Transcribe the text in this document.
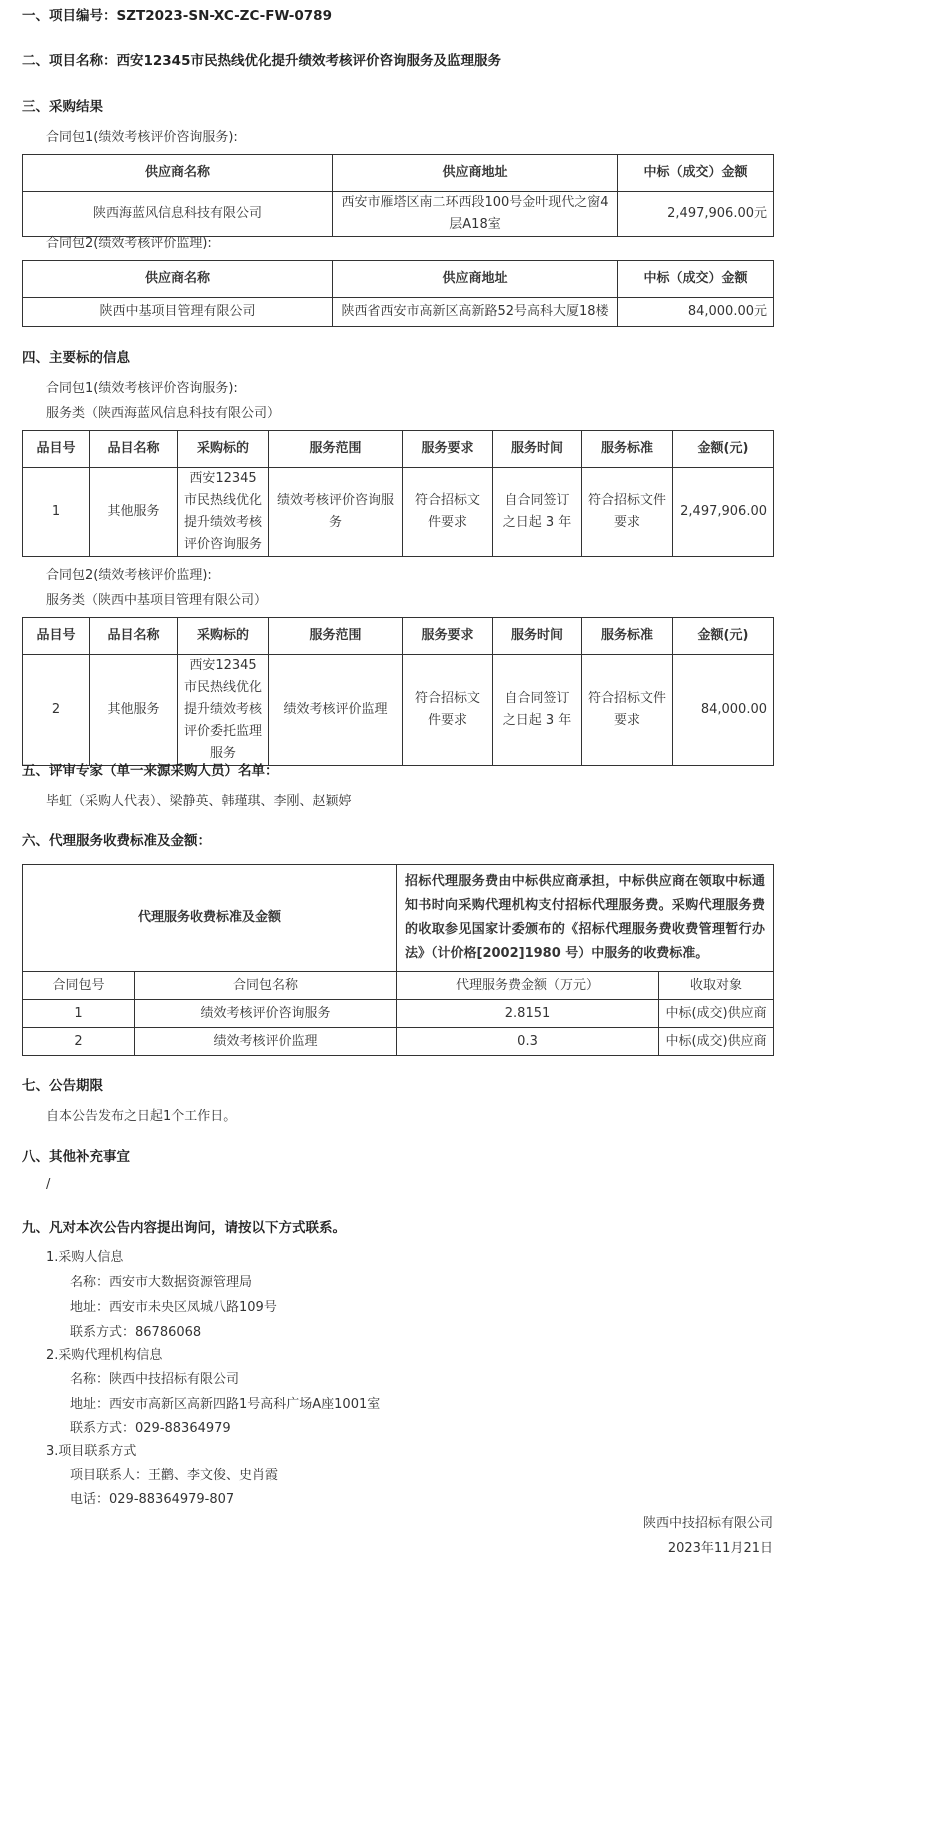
一、项目编号：SZT2023-SN-XC-ZC-FW-0789
二、项目名称：西安12345市民热线优化提升绩效考核评价咨询服务及监理服务
三、采购结果
合同包1(绩效考核评价咨询服务):
供应商名称	供应商地址	中标（成交）金额
陕西海蓝风信息科技有限公司	西安市雁塔区南二环西段100号金叶现代之窗4层A18室	2,497,906.00元
合同包2(绩效考核评价监理):
供应商名称	供应商地址	中标（成交）金额
陕西中基项目管理有限公司	陕西省西安市高新区高新路52号高科大厦18楼	84,000.00元
四、主要标的信息
合同包1(绩效考核评价咨询服务):
服务类（陕西海蓝风信息科技有限公司）
品目号	品目名称	采购标的	服务范围	服务要求	服务时间	服务标准	金额(元)
1	其他服务	西安12345市民热线优化提升绩效考核评价咨询服务	绩效考核评价咨询服务	符合招标文件要求	自合同签订之日起 3 年	符合招标文件要求	2,497,906.00
合同包2(绩效考核评价监理):
服务类（陕西中基项目管理有限公司）
品目号	品目名称	采购标的	服务范围	服务要求	服务时间	服务标准	金额(元)
2	其他服务	西安12345市民热线优化提升绩效考核评价委托监理服务	绩效考核评价监理	符合招标文件要求	自合同签订之日起 3 年	符合招标文件要求	84,000.00
五、评审专家（单一来源采购人员）名单：
毕虹（采购人代表）、梁静英、韩瑾琪、李刚、赵颖婷
六、代理服务收费标准及金额：
代理服务收费标准及金额		招标代理服务费由中标供应商承担，中标供应商在领取中标通知书时向采购代理机构支付招标代理服务费。采购代理服务费的收取参见国家计委颁布的《招标代理服务费收费管理暂行办法》（计价格[2002]1980 号）中服务的收费标准。	
合同包号	合同包名称	代理服务费金额（万元）	收取对象
1	绩效考核评价咨询服务	2.8151	中标(成交)供应商
2	绩效考核评价监理	0.3	中标(成交)供应商
七、公告期限
自本公告发布之日起1个工作日。
八、其他补充事宜
/
九、凡对本次公告内容提出询问，请按以下方式联系。
1.采购人信息
名称：西安市大数据资源管理局
地址：西安市未央区凤城八路109号
联系方式：86786068
2.采购代理机构信息
名称：陕西中技招标有限公司
地址：西安市高新区高新四路1号高科广场A座1001室
联系方式：029-88364979
3.项目联系方式
项目联系人：王鹳、李文俊、史肖霞
电话：029-88364979-807
陕西中技招标有限公司
2023年11月21日
